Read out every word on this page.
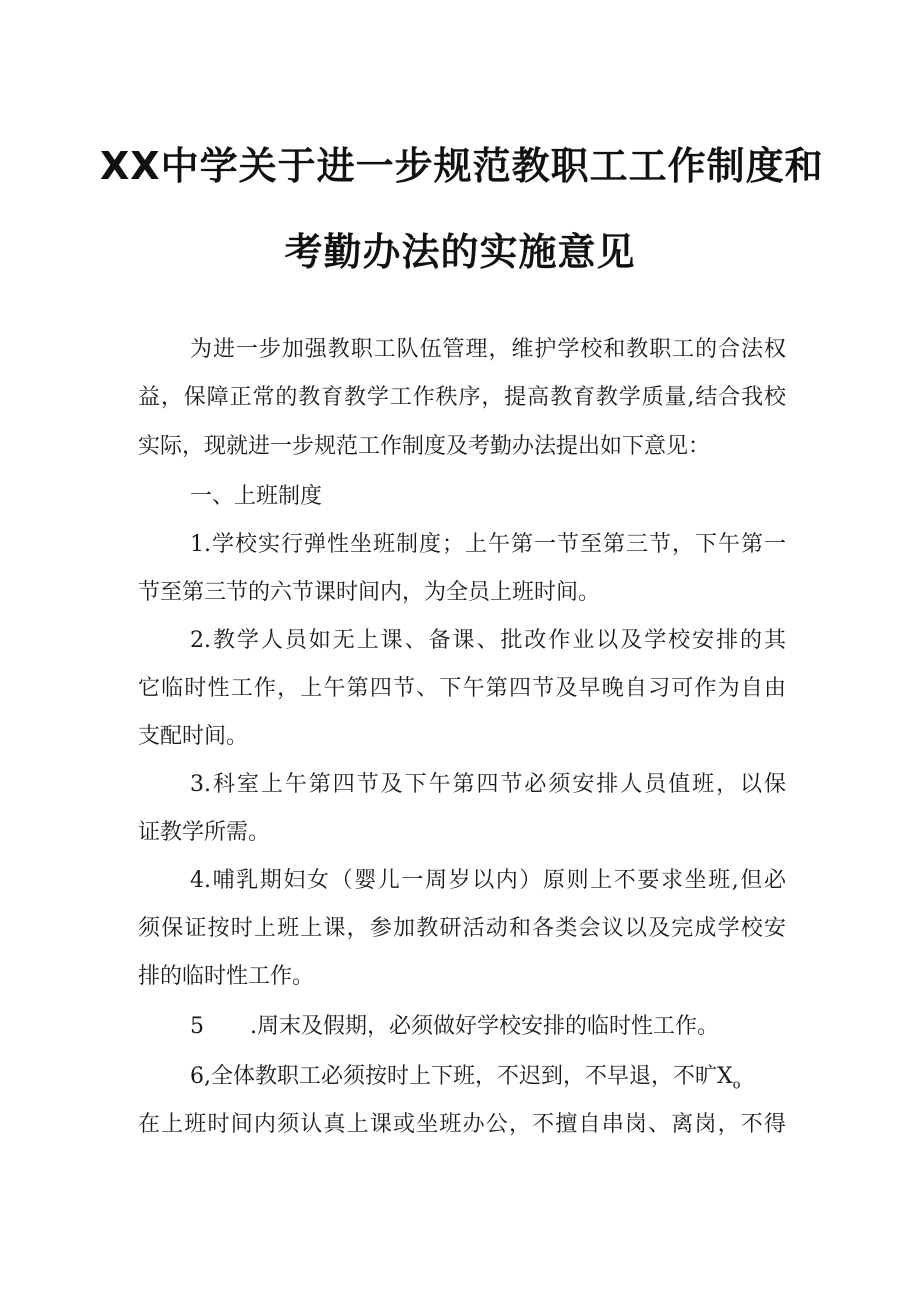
XX中学关于进一步规范教职工工作制度和
考勤办法的实施意见
为进一步加强教职工队伍管理，维护学校和教职工的合法权
益，保障正常的教育教学工作秩序，提高教育教学质量,结合我校
实际，现就进一步规范工作制度及考勤办法提出如下意见：
一、上班制度
1.学校实行弹性坐班制度；上午第一节至第三节，下午第一
节至第三节的六节课时间内，为全员上班时间。
2.教学人员如无上课、备课、批改作业以及学校安排的其
它临时性工作，上午第四节、下午第四节及早晚自习可作为自由
支配时间。
3.科室上午第四节及下午第四节必须安排人员值班，以保
证教学所需。
4.哺乳期妇女（婴儿一周岁以内）原则上不要求坐班,但必
须保证按时上班上课，参加教研活动和各类会议以及完成学校安
排的临时性工作。
5 .周末及假期，必须做好学校安排的临时性工作。
6,全体教职工必须按时上下班，不迟到，不早退，不旷$X_o$
在上班时间内须认真上课或坐班办公，不擅自串岗、离岗，不得
